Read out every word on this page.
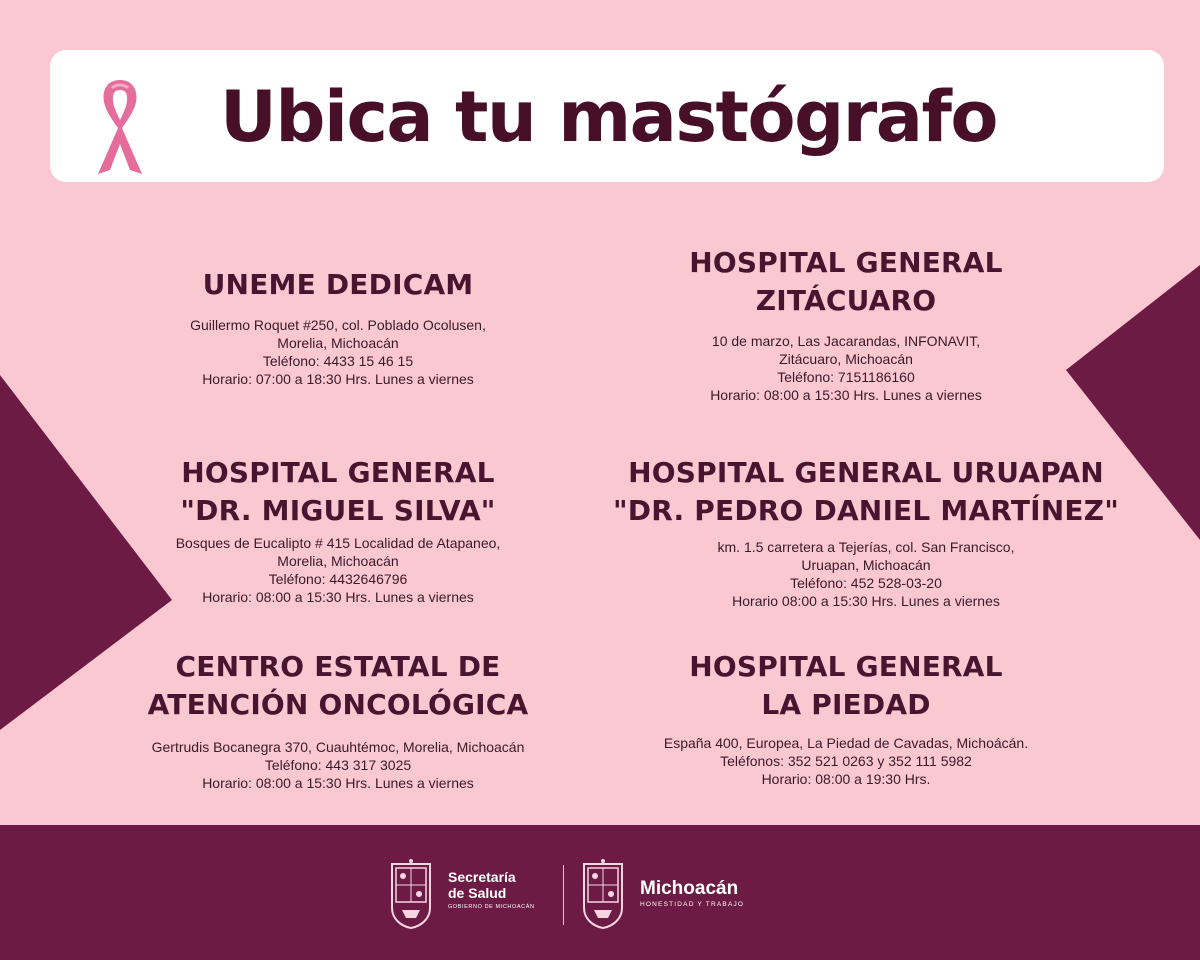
Ubica tu mastógrafo
UNEME DEDICAM
Guillermo Roquet #250, col. Poblado Ocolusen,
Morelia, Michoacán
Teléfono: 4433 15 46 15
Horario: 07:00 a 18:30 Hrs. Lunes a viernes
HOSPITAL GENERAL
ZITÁCUARO
10 de marzo, Las Jacarandas, INFONAVIT,
Zitácuaro, Michoacán
Teléfono: 7151186160
Horario: 08:00 a 15:30 Hrs. Lunes a viernes
HOSPITAL GENERAL
"DR. MIGUEL SILVA"
Bosques de Eucalipto # 415 Localidad de Atapaneo,
Morelia, Michoacán
Teléfono: 4432646796
Horario: 08:00 a 15:30 Hrs. Lunes a viernes
HOSPITAL GENERAL URUAPAN
"DR. PEDRO DANIEL MARTÍNEZ"
km. 1.5 carretera a Tejerías, col. San Francisco,
Uruapan, Michoacán
Teléfono: 452 528-03-20
Horario 08:00 a 15:30 Hrs. Lunes a viernes
CENTRO ESTATAL DE
ATENCIÓN ONCOLÓGICA
Gertrudis Bocanegra 370, Cuauhtémoc, Morelia, Michoacán
Teléfono: 443 317 3025
Horario: 08:00 a 15:30 Hrs. Lunes a viernes
HOSPITAL GENERAL
LA PIEDAD
España 400, Europea, La Piedad de Cavadas, Michoácán.
Teléfonos: 352 521 0263 y 352 111 5982
Horario: 08:00 a 19:30 Hrs.
Secretaría
de Salud
GOBIERNO DE MICHOACÁN
Michoacán
HONESTIDAD Y TRABAJO
